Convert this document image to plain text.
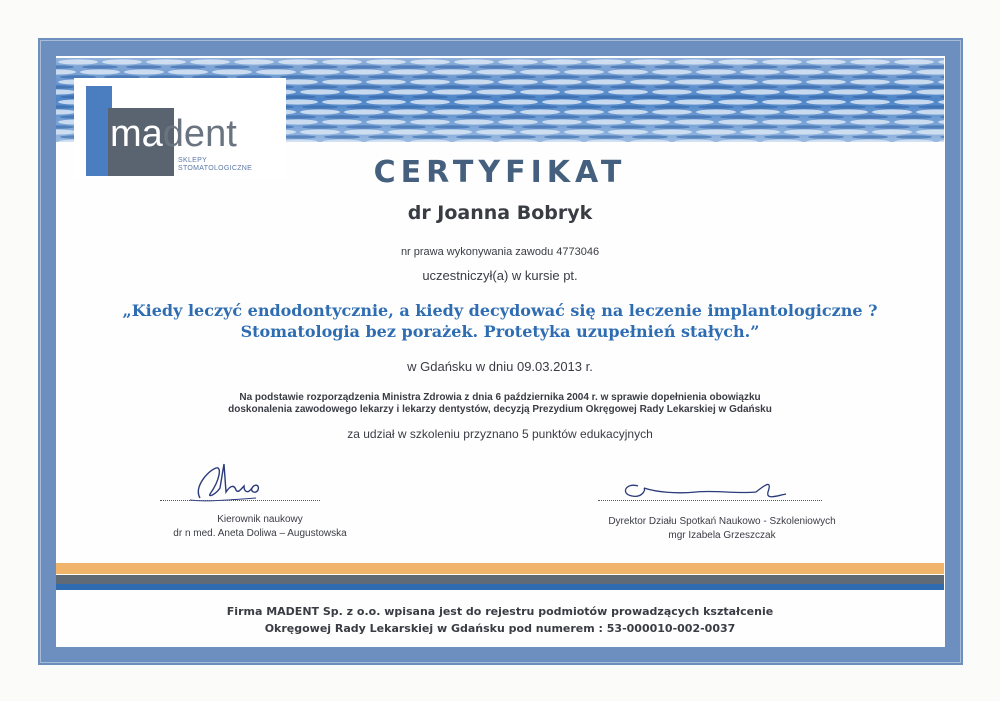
madent
SKLEPY
STOMATOLOGICZNE	CERTYFIKAT
dr Joanna Bobryk
nr prawa wykonywania zawodu 4773046
uczestniczył(a) w kursie pt.
„Kiedy leczyć endodontycznie, a kiedy decydować się na leczenie implantologiczne ?
Stomatologia bez porażek. Protetyka uzupełnień stałych.”
w Gdańsku w dniu 09.03.2013 r.
Na podstawie rozporządzenia Ministra Zdrowia z dnia 6 października 2004 r. w sprawie dopełnienia obowiązku
doskonalenia zawodowego lekarzy i lekarzy dentystów, decyzją Prezydium Okręgowej Rady Lekarskiej w Gdańsku
za udział w szkoleniu przyznano 5 punktów edukacyjnych
Kierownik naukowy
dr n med. Aneta Doliwa – Augustowska
Dyrektor Działu Spotkań Naukowo - Szkoleniowych
mgr Izabela Grzeszczak
Firma MADENT Sp. z o.o. wpisana jest do rejestru podmiotów prowadzących kształcenie
Okręgowej Rady Lekarskiej w Gdańsku pod numerem : 53-000010-002-0037
